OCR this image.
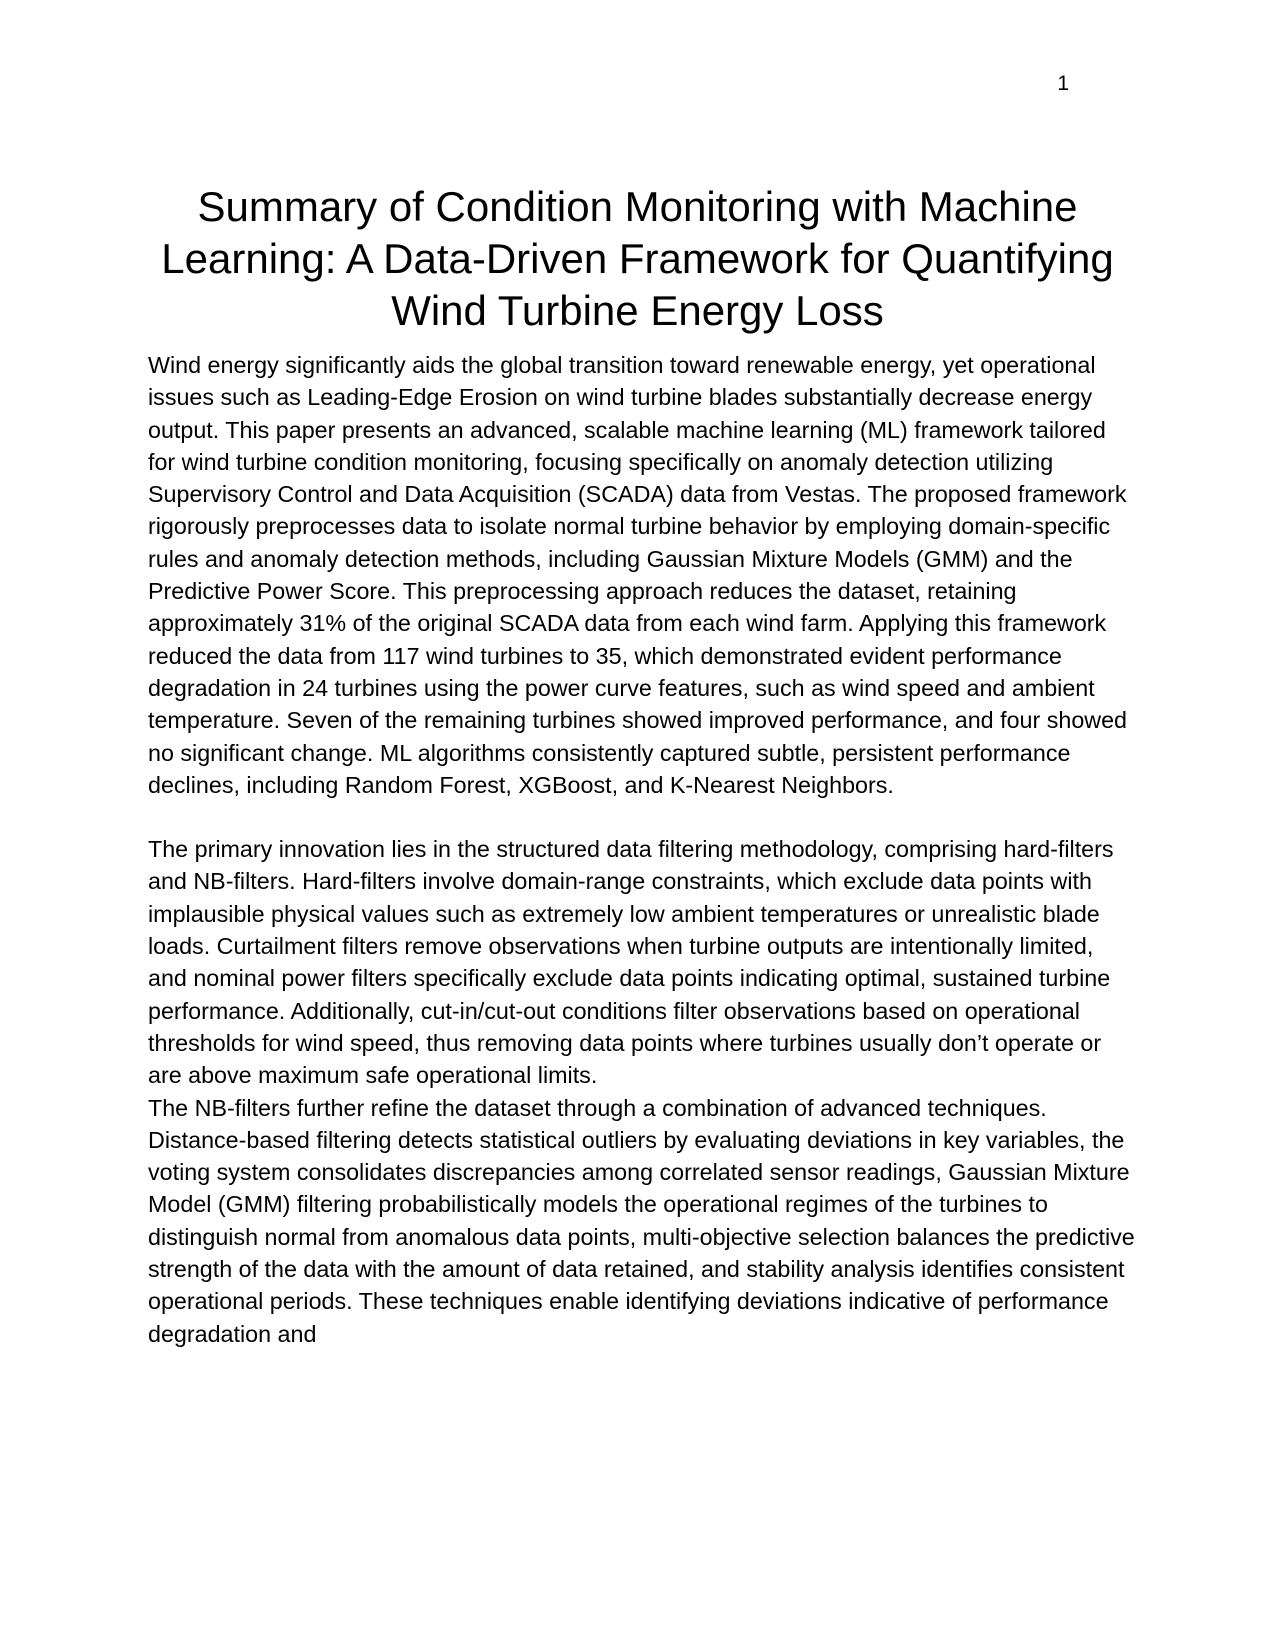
1
Summary of Condition Monitoring with Machine Learning: A Data-Driven Framework for Quantifying Wind Turbine Energy Loss

Wind energy significantly aids the global transition toward renewable energy, yet operational issues such as Leading-Edge Erosion on wind turbine blades substantially decrease energy output. This paper presents an advanced, scalable machine learning (ML) framework tailored for wind turbine condition monitoring, focusing specifically on anomaly detection utilizing Supervisory Control and Data Acquisition (SCADA) data from Vestas. The proposed framework rigorously preprocesses data to isolate normal turbine behavior by employing domain-specific rules and anomaly detection methods, including Gaussian Mixture Models (GMM) and the Predictive Power Score. This preprocessing approach reduces the dataset, retaining approximately 31% of the original SCADA data from each wind farm. Applying this framework reduced the data from 117 wind turbines to 35, which demonstrated evident performance degradation in 24 turbines using the power curve features, such as wind speed and ambient temperature. Seven of the remaining turbines showed improved performance, and four showed no significant change. ML algorithms consistently captured subtle, persistent performance declines, including Random Forest, XGBoost, and K-Nearest Neighbors.

The primary innovation lies in the structured data filtering methodology, comprising hard-filters and NB-filters. Hard-filters involve domain-range constraints, which exclude data points with implausible physical values such as extremely low ambient temperatures or unrealistic blade loads. Curtailment filters remove observations when turbine outputs are intentionally limited, and nominal power filters specifically exclude data points indicating optimal, sustained turbine performance. Additionally, cut-in/cut-out conditions filter observations based on operational thresholds for wind speed, thus removing data points where turbines usually don’t operate or are above maximum safe operational limits.

The NB-filters further refine the dataset through a combination of advanced techniques. Distance-based filtering detects statistical outliers by evaluating deviations in key variables, the voting system consolidates discrepancies among correlated sensor readings, Gaussian Mixture Model (GMM) filtering probabilistically models the operational regimes of the turbines to distinguish normal from anomalous data points, multi-objective selection balances the predictive strength of the data with the amount of data retained, and stability analysis identifies consistent operational periods. These techniques enable identifying deviations indicative of performance degradation and
